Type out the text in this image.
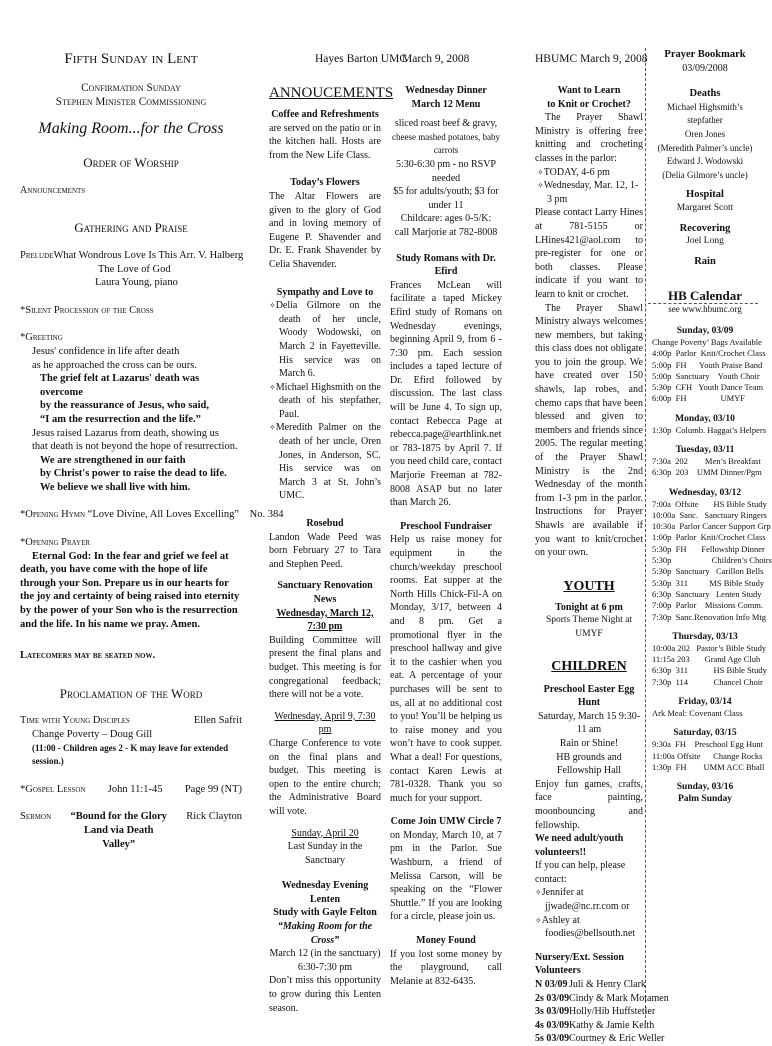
Fifth Sunday in Lent
Confirmation Sunday
Stephen Minister Commissioning
Making Room...for the Cross
Order of Worship
Announcements
Gathering and Praise
Prelude What Wondrous Love Is This Arr. V. Halberg
The Love of God
Laura Young, piano
*Silent Procession of the Cross
*Greeting
Jesus' confidence in life after death
as he approached the cross can be ours.
The grief felt at Lazarus' death was overcome
by the reassurance of Jesus, who said,
“I am the resurrection and the life.”
Jesus raised Lazarus from death, showing us
that death is not beyond the hope of resurrection.
We are strengthened in our faith
by Christ's power to raise the dead to life.
We believe we shall live with him.
*Opening Hymn “Love Divine, All Loves Excelling” No. 384
*Opening Prayer
Eternal God: In the fear and grief we feel at death, you have come with the hope of life through your Son. Prepare us in our hearts for the joy and certainty of being raised into eternity by the power of your Son who is the resurrection and the life. In his name we pray. Amen.
Latecomers may be seated now.
Proclamation of the Word
Time with Young Disciples	Ellen Safrit
Change Poverty – Doug Gill
(11:00 - Children ages 2 - K may leave for extended session.)
*Gospel Lesson John 11:1-45 Page 99 (NT)
Sermon “Bound for the Glory Land via Death Valley”
Rick Clayton
Hayes Barton UMC
ANNOUCEMENTS
Coffee and Refreshments
are served on the patio or in the kitchen hall. Hosts are from the New Life Class.
Today’s Flowers
The Altar Flowers are given to the glory of God and in loving memory of Eugene P. Shavender and Dr. E. Frank Shavender by Celia Shavender.
Sympathy and Love to
✧ Delia Gilmore on the death of her uncle, Woody Wodowski, on March 2 in Fayetteville. His service was on March 6.
✧ Michael Highsmith on the death of his stepfather, Paul.
✧ Meredith Palmer on the death of her uncle, Oren Jones, in Anderson, SC. His service was on March 3 at St. John’s UMC.
Rosebud
Landon Wade Peed was born February 27 to Tara and Stephen Peed.
Sanctuary Renovation News
Wednesday, March 12, 7:30 pm
Building Committee will present the final plans and budget. This meeting is for congregational feedback; there will not be a vote.
Wednesday, April 9, 7:30 pm
Charge Conference to vote on the final plans and budget. This meeting is open to the entire church; the Administrative Board will vote.
Sunday, April 20
Last Sunday in the Sanctuary
Wednesday Evening Lenten
Study with Gayle Felton
“Making Room for the Cross”
March 12 (in the sanctuary)
6:30-7:30 pm
Don’t miss this opportunity to grow during this Lenten season.
March 9, 2008
Wednesday Dinner
March 12 Menu
sliced roast beef & gravy,
cheese mashed potatoes, baby carrots
5:30-6:30 pm - no RSVP needed
$5 for adults/youth; $3 for under 11
Childcare: ages 0-5/K:
call Marjorie at 782-8008
Study Romans with Dr. Efird
Frances McLean will facilitate a taped Mickey Efird study of Romans on Wednesday evenings, beginning April 9, from 6 - 7:30 pm. Each session includes a taped lecture of Dr. Efird followed by discussion. The last class will be June 4. To sign up, contact Rebecca Page at rebecca.page@earthlink.net or 783-1875 by April 7. If you need child care, contact Marjorie Freeman at 782-8008 ASAP but no later than March 26.
Preschool Fundraiser
Help us raise money for equipment in the church/weekday preschool rooms. Eat supper at the North Hills Chick-Fil-A on Monday, 3/17, between 4 and 8 pm. Get a promotional flyer in the preschool hallway and give it to the cashier when you eat. A percentage of your purchases will be sent to us, all at no additional cost to you! You’ll be helping us to raise money and you won’t have to cook supper. What a deal! For questions, contact Karen Lewis at 781-0328. Thank you so much for your support.
Come Join UMW Circle 7
on Monday, March 10, at 7 pm in the Parlor. Sue Washburn, a friend of Melissa Carson, will be speaking on the “Flower Shuttle.” If you are looking for a circle, please join us.
Money Found
If you lost some money by the playground, call Melanie at 832-6435.
HBUMC March 9, 2008
Want to Learn
to Knit or Crochet?
The Prayer Shawl Ministry is offering free knitting and crocheting classes in the parlor:
✧ TODAY, 4-6 pm
✧ Wednesday, Mar. 12, 1-3 pm
Please contact Larry Hines at 781-5155 or LHines421@aol.com to pre-register for one or both classes. Please indicate if you want to learn to knit or crochet.
The Prayer Shawl Ministry always welcomes new members, but taking this class does not obligate you to join the group. We have created over 150 shawls, lap robes, and chemo caps that have been blessed and given to members and friends since 2005. The regular meeting of the Prayer Shawl Ministry is the 2nd Wednesday of the month from 1-3 pm in the parlor. Instructions for Prayer Shawls are available if you want to knit/crochet on your own.
YOUTH
Tonight at 6 pm
Sports Theme Night at UMYF
CHILDREN
Preschool Easter Egg Hunt
Saturday, March 15 9:30-11 am
Rain or Shine!
HB grounds and Fellowship Hall
Enjoy fun games, crafts, face painting, moonbouncing and fellowship.
We need adult/youth volunteers!!
If you can help, please contact:
✧ Jennifer at jjwade@nc.rr.com or
✧ Ashley at foodies@bellsouth.net
Nursery/Ext. Session Volunteers
N 03/09 Juli & Henry Clark
2s 03/09Cindy & Mark Motamen
3s 03/09Holly/Hib Huffstetler
4s 03/09Kathy & Jamie Keith
5s 03/09Courtney & Eric Weller
Prayer Bookmark
03/09/2008
Deaths
Michael Highsmith’s stepfather
Oren Jones
(Meredith Palmer’s uncle)
Edward J. Wodowski
(Delia Gilmore’s uncle)
Hospital
Margaret Scott
Recovering
Joel Long
Rain
HB Calendar
see www.hbumc.org
Sunday, 03/09
Change Poverty’ Bags Available
4:00p  Parlor  Knit/Crochet Class
5:00p  FH      Youth Praise Band
5:00p  Sanctuary    Youth Choir
5:30p  CFH   Youth Dance Team
6:00p  FH                UMYF
Monday, 03/10
1:30p  Columb. Haggai’s Helpers
Tuesday, 03/11
7:30a  202        Men’s Breakfast
6:30p  203    UMM Dinner/Pgm
Wednesday, 03/12
7:00a  Offsite       HS Bible Study
10:00a  Sanc.   Sanctuary Ringers
10:30a  Parlor Cancer Support Grp
1:00p  Parlor  Knit/Crochet Class
5:30p  FH       Fellowship Dinner
5:30p                   Children’s Choirs
5:30p  Sanctuary   Carillon Bells
5:30p  311          MS Bible Study
6:30p  Sanctuary   Lenten Study
7:00p  Parlor    Missions Comm.
7:30p  Sanc.Renovation Info Mtg
Thursday, 03/13
10:00a 202   Pastor’s Bible Study
11:15a 203       Grand Age Club
6:30p  311            HS Bible Study
7:30p  114            Chancel Choir
Friday, 03/14
Ark Meal: Covenant Class
Saturday, 03/15
9:30a  FH    Preschool Egg Hunt
11:00a Offsite      Change Rocks
1:30p  FH        UMM ACC Bball
Sunday, 03/16
Palm Sunday
